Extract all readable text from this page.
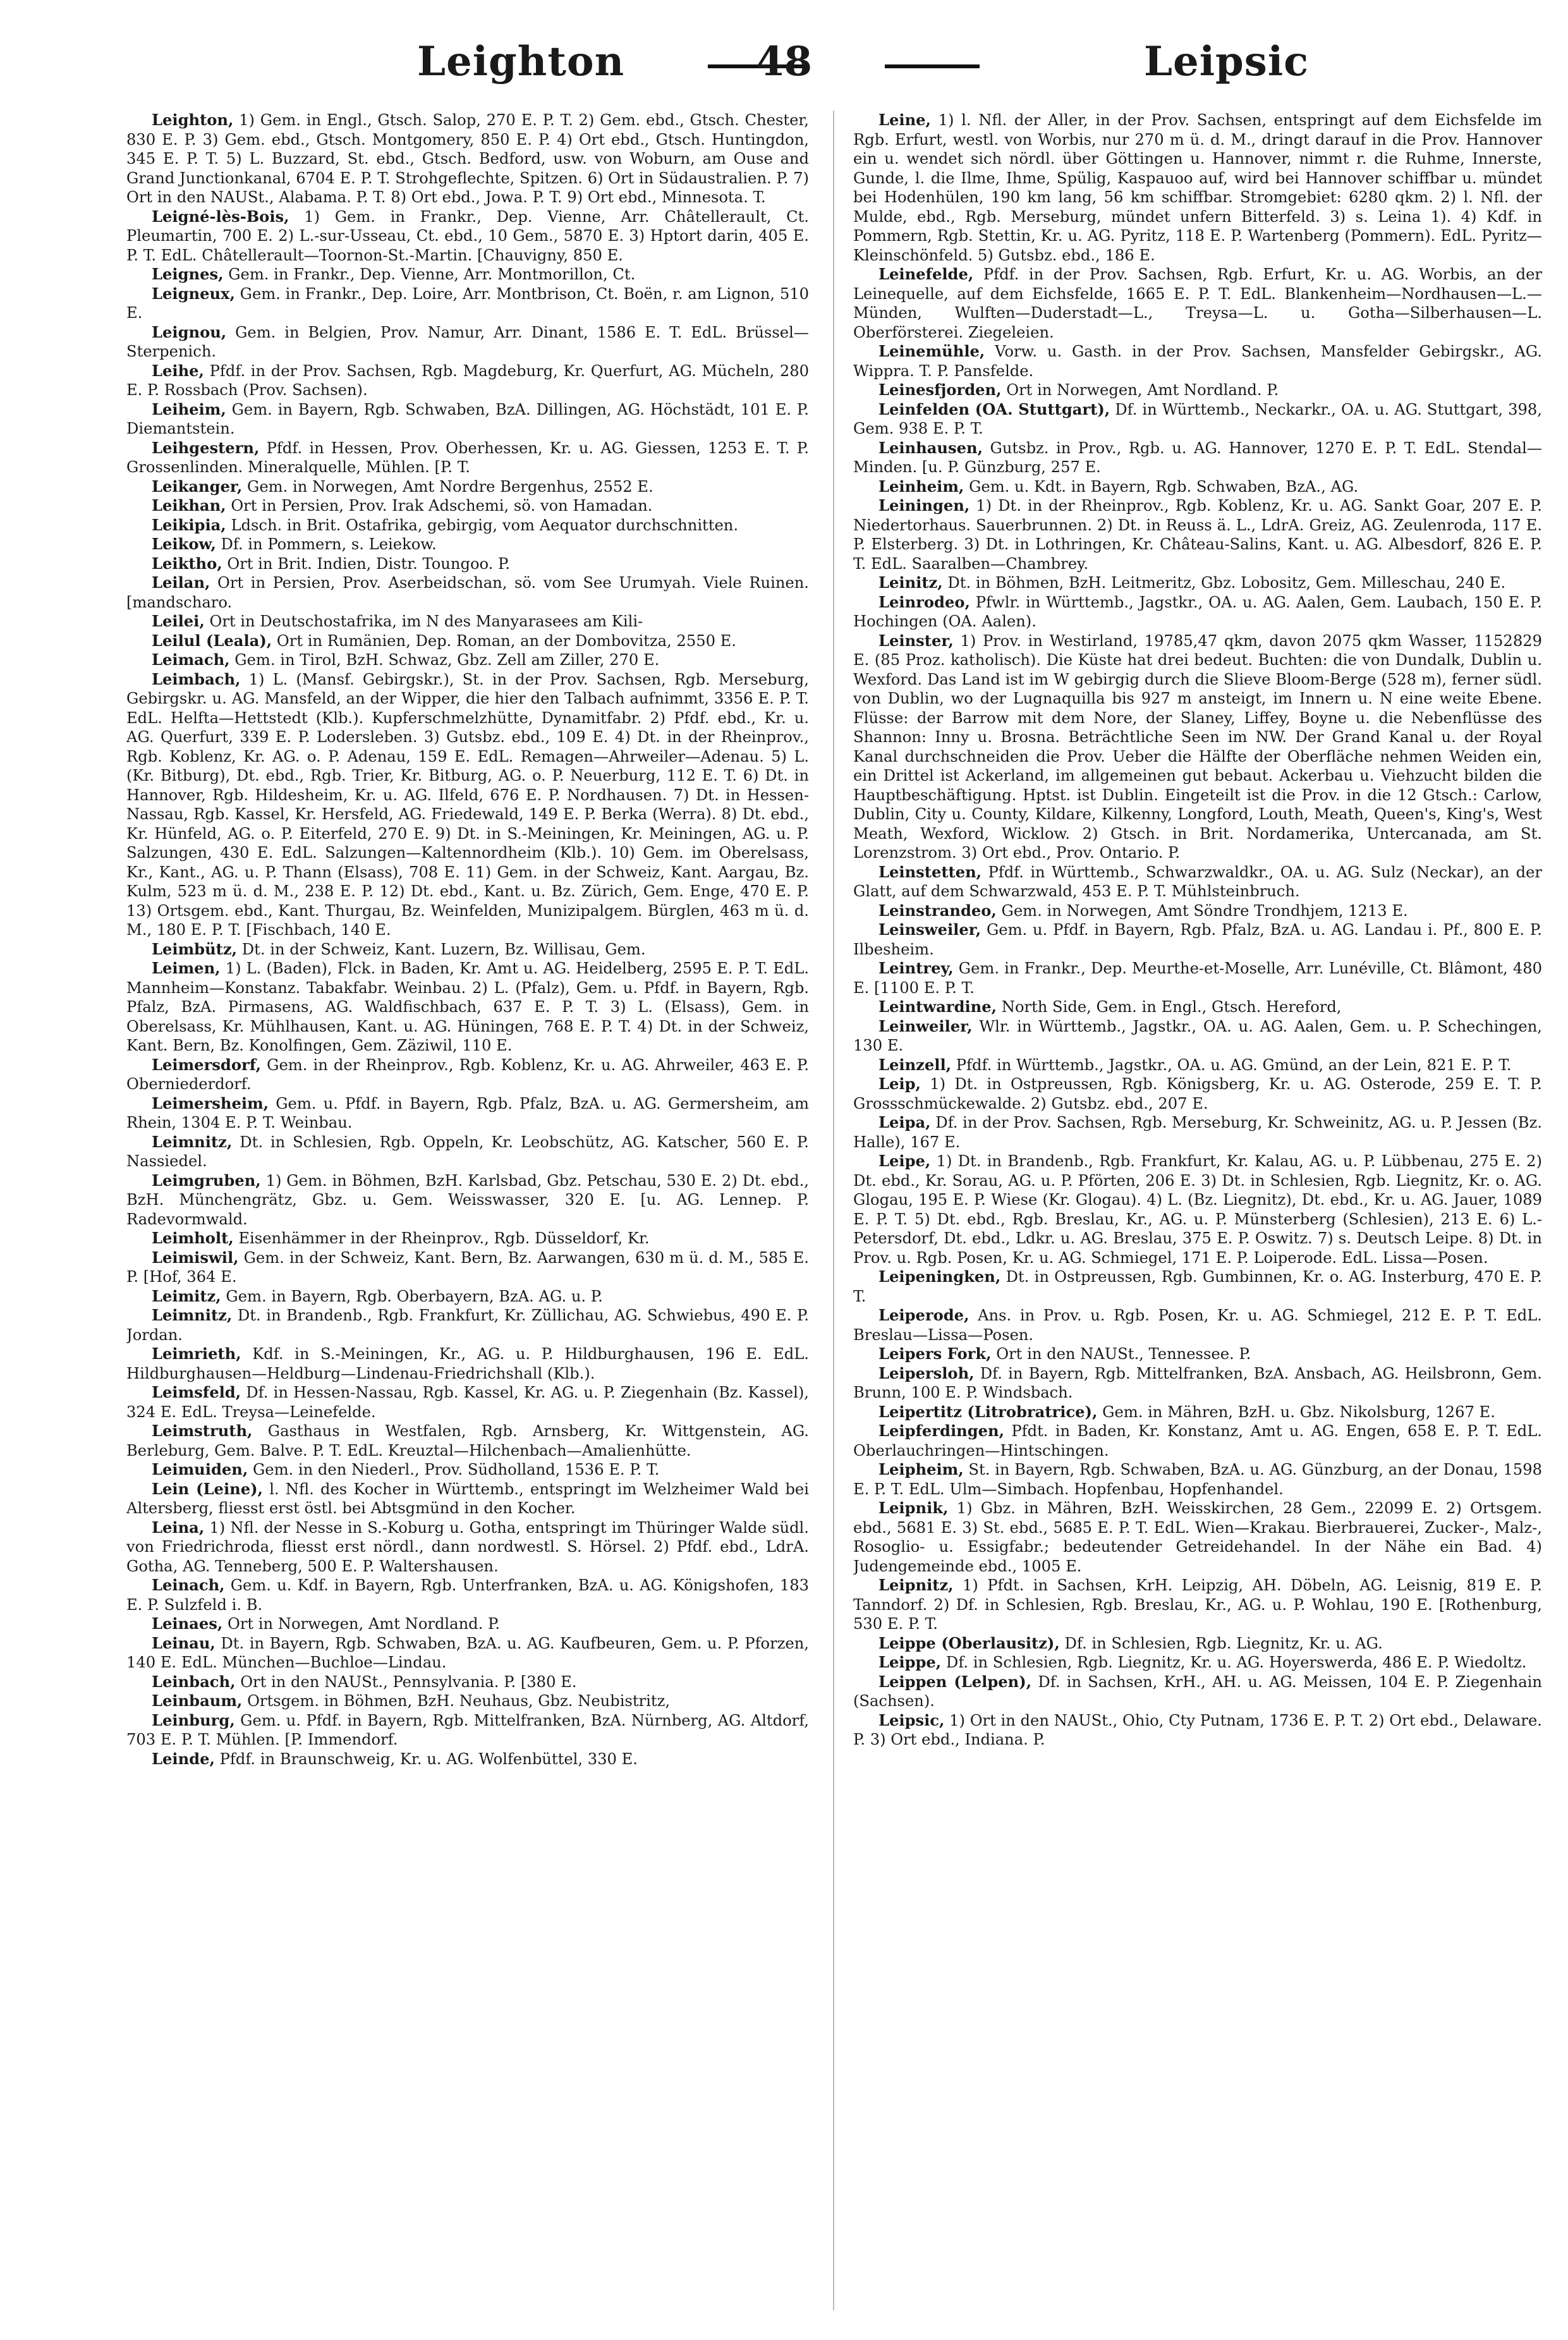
Leighton	48	Leipsic

Leighton, 1) Gem. in Engl., Gtsch. Salop, 270 E. P. T. 2) Gem. ebd., Gtsch. Chester, 830 E. P. 3) Gem. ebd., Gtsch. Montgomery, 850 E. P. 4) Ort ebd., Gtsch. Huntingdon, 345 E. P. T. 5) L. Buzzard, St. ebd., Gtsch. Bedford, usw. von Woburn, am Ouse and Grand Junctionkanal, 6704 E. P. T. Strohgeflechte, Spitzen. 6) Ort in Südaustralien. P. 7) Ort in den NAUSt., Alabama. P. T. 8) Ort ebd., Jowa. P. T. 9) Ort ebd., Minnesota. T.

Leigné-lès-Bois, 1) Gem. in Frankr., Dep. Vienne, Arr. Châtellerault, Ct. Pleumartin, 700 E. 2) L.-sur-Usseau, Ct. ebd., 10 Gem., 5870 E. 3) Hptort darin, 405 E. P. T. EdL. Châtellerault—Toornon-St.-Martin. [Chauvigny, 850 E.

Leignes, Gem. in Frankr., Dep. Vienne, Arr. Montmorillon, Ct.

Leigneux, Gem. in Frankr., Dep. Loire, Arr. Montbrison, Ct. Boën, r. am Lignon, 510 E.

Leignou, Gem. in Belgien, Prov. Namur, Arr. Dinant, 1586 E. T. EdL. Brüssel—Sterpenich.

Leihe, Pfdf. in der Prov. Sachsen, Rgb. Magdeburg, Kr. Querfurt, AG. Mücheln, 280 E. P. Rossbach (Prov. Sachsen).

Leiheim, Gem. in Bayern, Rgb. Schwaben, BzA. Dillingen, AG. Höchstädt, 101 E. P. Diemantstein.

Leihgestern, Pfdf. in Hessen, Prov. Oberhessen, Kr. u. AG. Giessen, 1253 E. T. P. Grossenlinden. Mineralquelle, Mühlen. [P. T.

Leikanger, Gem. in Norwegen, Amt Nordre Bergenhus, 2552 E.

Leikhan, Ort in Persien, Prov. Irak Adschemi, sö. von Hamadan.

Leikipia, Ldsch. in Brit. Ostafrika, gebirgig, vom Aequator durchschnitten.

Leikow, Df. in Pommern, s. Leiekow.

Leiktho, Ort in Brit. Indien, Distr. Toungoo. P.

Leilan, Ort in Persien, Prov. Aserbeidschan, sö. vom See Urumyah. Viele Ruinen. [mandscharo.

Leilei, Ort in Deutschostafrika, im N des Manyarasees am Kili-

Leilul (Leala), Ort in Rumänien, Dep. Roman, an der Dombovitza, 2550 E.

Leimach, Gem. in Tirol, BzH. Schwaz, Gbz. Zell am Ziller, 270 E.

Leimbach, 1) L. (Mansf. Gebirgskr.), St. in der Prov. Sachsen, Rgb. Merseburg, Gebirgskr. u. AG. Mansfeld, an der Wipper, die hier den Talbach aufnimmt, 3356 E. P. T. EdL. Helfta—Hettstedt (Klb.). Kupferschmelzhütte, Dynamitfabr. 2) Pfdf. ebd., Kr. u. AG. Querfurt, 339 E. P. Lodersleben. 3) Gutsbz. ebd., 109 E. 4) Dt. in der Rheinprov., Rgb. Koblenz, Kr. AG. o. P. Adenau, 159 E. EdL. Remagen—Ahrweiler—Adenau. 5) L. (Kr. Bitburg), Dt. ebd., Rgb. Trier, Kr. Bitburg, AG. o. P. Neuerburg, 112 E. T. 6) Dt. in Hannover, Rgb. Hildesheim, Kr. u. AG. Ilfeld, 676 E. P. Nordhausen. 7) Dt. in Hessen-Nassau, Rgb. Kassel, Kr. Hersfeld, AG. Friedewald, 149 E. P. Berka (Werra). 8) Dt. ebd., Kr. Hünfeld, AG. o. P. Eiterfeld, 270 E. 9) Dt. in S.-Meiningen, Kr. Meiningen, AG. u. P. Salzungen, 430 E. EdL. Salzungen—Kaltennordheim (Klb.). 10) Gem. im Oberelsass, Kr., Kant., AG. u. P. Thann (Elsass), 708 E. 11) Gem. in der Schweiz, Kant. Aargau, Bz. Kulm, 523 m ü. d. M., 238 E. P. 12) Dt. ebd., Kant. u. Bz. Zürich, Gem. Enge, 470 E. P. 13) Ortsgem. ebd., Kant. Thurgau, Bz. Weinfelden, Munizipalgem. Bürglen, 463 m ü. d. M., 180 E. P. T. [Fischbach, 140 E.

Leimbütz, Dt. in der Schweiz, Kant. Luzern, Bz. Willisau, Gem.

Leimen, 1) L. (Baden), Flck. in Baden, Kr. Amt u. AG. Heidelberg, 2595 E. P. T. EdL. Mannheim—Konstanz. Tabakfabr. Weinbau. 2) L. (Pfalz), Gem. u. Pfdf. in Bayern, Rgb. Pfalz, BzA. Pirmasens, AG. Waldfischbach, 637 E. P. T. 3) L. (Elsass), Gem. in Oberelsass, Kr. Mühlhausen, Kant. u. AG. Hüningen, 768 E. P. T. 4) Dt. in der Schweiz, Kant. Bern, Bz. Konolfingen, Gem. Zäziwil, 110 E.

Leimersdorf, Gem. in der Rheinprov., Rgb. Koblenz, Kr. u. AG. Ahrweiler, 463 E. P. Oberniederdorf.

Leimersheim, Gem. u. Pfdf. in Bayern, Rgb. Pfalz, BzA. u. AG. Germersheim, am Rhein, 1304 E. P. T. Weinbau.

Leimnitz, Dt. in Schlesien, Rgb. Oppeln, Kr. Leobschütz, AG. Katscher, 560 E. P. Nassiedel.

Leimgruben, 1) Gem. in Böhmen, BzH. Karlsbad, Gbz. Petschau, 530 E. 2) Dt. ebd., BzH. Münchengrätz, Gbz. u. Gem. Weisswasser, 320 E. [u. AG. Lennep. P. Radevormwald.

Leimholt, Eisenhämmer in der Rheinprov., Rgb. Düsseldorf, Kr.

Leimiswil, Gem. in der Schweiz, Kant. Bern, Bz. Aarwangen, 630 m ü. d. M., 585 E. P. [Hof, 364 E.

Leimitz, Gem. in Bayern, Rgb. Oberbayern, BzA. AG. u. P.

Leimnitz, Dt. in Brandenb., Rgb. Frankfurt, Kr. Züllichau, AG. Schwiebus, 490 E. P. Jordan.

Leimrieth, Kdf. in S.-Meiningen, Kr., AG. u. P. Hildburghausen, 196 E. EdL. Hildburghausen—Heldburg—Lindenau-Friedrichshall (Klb.).

Leimsfeld, Df. in Hessen-Nassau, Rgb. Kassel, Kr. AG. u. P. Ziegenhain (Bz. Kassel), 324 E. EdL. Treysa—Leinefelde.

Leimstruth, Gasthaus in Westfalen, Rgb. Arnsberg, Kr. Wittgenstein, AG. Berleburg, Gem. Balve. P. T. EdL. Kreuztal—Hilchenbach—Amalienhütte.

Leimuiden, Gem. in den Niederl., Prov. Südholland, 1536 E. P. T.

Lein (Leine), l. Nfl. des Kocher in Württemb., entspringt im Welzheimer Wald bei Altersberg, fliesst erst östl. bei Abtsgmünd in den Kocher.

Leina, 1) Nfl. der Nesse in S.-Koburg u. Gotha, entspringt im Thüringer Walde südl. von Friedrichroda, fliesst erst nördl., dann nordwestl. S. Hörsel. 2) Pfdf. ebd., LdrA. Gotha, AG. Tenneberg, 500 E. P. Waltershausen.

Leinach, Gem. u. Kdf. in Bayern, Rgb. Unterfranken, BzA. u. AG. Königshofen, 183 E. P. Sulzfeld i. B.

Leinaes, Ort in Norwegen, Amt Nordland. P.

Leinau, Dt. in Bayern, Rgb. Schwaben, BzA. u. AG. Kaufbeuren, Gem. u. P. Pforzen, 140 E. EdL. München—Buchloe—Lindau.

Leinbach, Ort in den NAUSt., Pennsylvania. P. [380 E.

Leinbaum, Ortsgem. in Böhmen, BzH. Neuhaus, Gbz. Neubistritz,

Leinburg, Gem. u. Pfdf. in Bayern, Rgb. Mittelfranken, BzA. Nürnberg, AG. Altdorf, 703 E. P. T. Mühlen. [P. Immendorf.

Leinde, Pfdf. in Braunschweig, Kr. u. AG. Wolfenbüttel, 330 E.

Leine, 1) l. Nfl. der Aller, in der Prov. Sachsen, entspringt auf dem Eichsfelde im Rgb. Erfurt, westl. von Worbis, nur 270 m ü. d. M., dringt darauf in die Prov. Hannover ein u. wendet sich nördl. über Göttingen u. Hannover, nimmt r. die Ruhme, Innerste, Gunde, l. die Ilme, Ihme, Spülig, Kaspauoo auf, wird bei Hannover schiffbar u. mündet bei Hodenhülen, 190 km lang, 56 km schiffbar. Stromgebiet: 6280 qkm. 2) l. Nfl. der Mulde, ebd., Rgb. Merseburg, mündet unfern Bitterfeld. 3) s. Leina 1). 4) Kdf. in Pommern, Rgb. Stettin, Kr. u. AG. Pyritz, 118 E. P. Wartenberg (Pommern). EdL. Pyritz—Kleinschönfeld. 5) Gutsbz. ebd., 186 E.

Leinefelde, Pfdf. in der Prov. Sachsen, Rgb. Erfurt, Kr. u. AG. Worbis, an der Leinequelle, auf dem Eichsfelde, 1665 E. P. T. EdL. Blankenheim—Nordhausen—L.—Münden, Wulften—Duderstadt—L., Treysa—L. u. Gotha—Silberhausen—L. Oberförsterei. Ziegeleien.

Leinemühle, Vorw. u. Gasth. in der Prov. Sachsen, Mansfelder Gebirgskr., AG. Wippra. T. P. Pansfelde.

Leinesfjorden, Ort in Norwegen, Amt Nordland. P.

Leinfelden (OA. Stuttgart), Df. in Württemb., Neckarkr., OA. u. AG. Stuttgart, 398, Gem. 938 E. P. T.

Leinhausen, Gutsbz. in Prov., Rgb. u. AG. Hannover, 1270 E. P. T. EdL. Stendal—Minden. [u. P. Günzburg, 257 E.

Leinheim, Gem. u. Kdt. in Bayern, Rgb. Schwaben, BzA., AG.

Leiningen, 1) Dt. in der Rheinprov., Rgb. Koblenz, Kr. u. AG. Sankt Goar, 207 E. P. Niedertorhaus. Sauerbrunnen. 2) Dt. in Reuss ä. L., LdrA. Greiz, AG. Zeulenroda, 117 E. P. Elsterberg. 3) Dt. in Lothringen, Kr. Château-Salins, Kant. u. AG. Albesdorf, 826 E. P. T. EdL. Saaralben—Chambrey.

Leinitz, Dt. in Böhmen, BzH. Leitmeritz, Gbz. Lobositz, Gem. Milleschau, 240 E.

Leinrodeo, Pfwlr. in Württemb., Jagstkr., OA. u. AG. Aalen, Gem. Laubach, 150 E. P. Hochingen (OA. Aalen).

Leinster, 1) Prov. in Westirland, 19785,47 qkm, davon 2075 qkm Wasser, 1152829 E. (85 Proz. katholisch). Die Küste hat drei bedeut. Buchten: die von Dundalk, Dublin u. Wexford. Das Land ist im W gebirgig durch die Slieve Bloom-Berge (528 m), ferner südl. von Dublin, wo der Lugnaquilla bis 927 m ansteigt, im Innern u. N eine weite Ebene. Flüsse: der Barrow mit dem Nore, der Slaney, Liffey, Boyne u. die Nebenflüsse des Shannon: Inny u. Brosna. Beträchtliche Seen im NW. Der Grand Kanal u. der Royal Kanal durchschneiden die Prov. Ueber die Hälfte der Oberfläche nehmen Weiden ein, ein Drittel ist Ackerland, im allgemeinen gut bebaut. Ackerbau u. Viehzucht bilden die Hauptbeschäftigung. Hptst. ist Dublin. Eingeteilt ist die Prov. in die 12 Gtsch.: Carlow, Dublin, City u. County, Kildare, Kilkenny, Longford, Louth, Meath, Queen's, King's, West Meath, Wexford, Wicklow. 2) Gtsch. in Brit. Nordamerika, Untercanada, am St. Lorenzstrom. 3) Ort ebd., Prov. Ontario. P.

Leinstetten, Pfdf. in Württemb., Schwarzwaldkr., OA. u. AG. Sulz (Neckar), an der Glatt, auf dem Schwarzwald, 453 E. P. T. Mühlsteinbruch.

Leinstrandeo, Gem. in Norwegen, Amt Söndre Trondhjem, 1213 E.

Leinsweiler, Gem. u. Pfdf. in Bayern, Rgb. Pfalz, BzA. u. AG. Landau i. Pf., 800 E. P. Ilbesheim.

Leintrey, Gem. in Frankr., Dep. Meurthe-et-Moselle, Arr. Lunéville, Ct. Blâmont, 480 E. [1100 E. P. T.

Leintwardine, North Side, Gem. in Engl., Gtsch. Hereford,

Leinweiler, Wlr. in Württemb., Jagstkr., OA. u. AG. Aalen, Gem. u. P. Schechingen, 130 E.

Leinzell, Pfdf. in Württemb., Jagstkr., OA. u. AG. Gmünd, an der Lein, 821 E. P. T.

Leip, 1) Dt. in Ostpreussen, Rgb. Königsberg, Kr. u. AG. Osterode, 259 E. T. P. Grossschmückewalde. 2) Gutsbz. ebd., 207 E.

Leipa, Df. in der Prov. Sachsen, Rgb. Merseburg, Kr. Schweinitz, AG. u. P. Jessen (Bz. Halle), 167 E.

Leipe, 1) Dt. in Brandenb., Rgb. Frankfurt, Kr. Kalau, AG. u. P. Lübbenau, 275 E. 2) Dt. ebd., Kr. Sorau, AG. u. P. Pförten, 206 E. 3) Dt. in Schlesien, Rgb. Liegnitz, Kr. o. AG. Glogau, 195 E. P. Wiese (Kr. Glogau). 4) L. (Bz. Liegnitz), Dt. ebd., Kr. u. AG. Jauer, 1089 E. P. T. 5) Dt. ebd., Rgb. Breslau, Kr., AG. u. P. Münsterberg (Schlesien), 213 E. 6) L.-Petersdorf, Dt. ebd., Ldkr. u. AG. Breslau, 375 E. P. Oswitz. 7) s. Deutsch Leipe. 8) Dt. in Prov. u. Rgb. Posen, Kr. u. AG. Schmiegel, 171 E. P. Loiperode. EdL. Lissa—Posen.

Leipeningken, Dt. in Ostpreussen, Rgb. Gumbinnen, Kr. o. AG. Insterburg, 470 E. P. T.

Leiperode, Ans. in Prov. u. Rgb. Posen, Kr. u. AG. Schmiegel, 212 E. P. T. EdL. Breslau—Lissa—Posen.

Leipers Fork, Ort in den NAUSt., Tennessee. P.

Leipersloh, Df. in Bayern, Rgb. Mittelfranken, BzA. Ansbach, AG. Heilsbronn, Gem. Brunn, 100 E. P. Windsbach.

Leipertitz (Litrobratrice), Gem. in Mähren, BzH. u. Gbz. Nikolsburg, 1267 E.

Leipferdingen, Pfdt. in Baden, Kr. Konstanz, Amt u. AG. Engen, 658 E. P. T. EdL. Oberlauchringen—Hintschingen.

Leipheim, St. in Bayern, Rgb. Schwaben, BzA. u. AG. Günzburg, an der Donau, 1598 E. P. T. EdL. Ulm—Simbach. Hopfenbau, Hopfenhandel.

Leipnik, 1) Gbz. in Mähren, BzH. Weisskirchen, 28 Gem., 22099 E. 2) Ortsgem. ebd., 5681 E. 3) St. ebd., 5685 E. P. T. EdL. Wien—Krakau. Bierbrauerei, Zucker-, Malz-, Rosoglio- u. Essigfabr.; bedeutender Getreidehandel. In der Nähe ein Bad. 4) Judengemeinde ebd., 1005 E.

Leipnitz, 1) Pfdt. in Sachsen, KrH. Leipzig, AH. Döbeln, AG. Leisnig, 819 E. P. Tanndorf. 2) Df. in Schlesien, Rgb. Breslau, Kr., AG. u. P. Wohlau, 190 E. [Rothenburg, 530 E. P. T.

Leippe (Oberlausitz), Df. in Schlesien, Rgb. Liegnitz, Kr. u. AG.

Leippe, Df. in Schlesien, Rgb. Liegnitz, Kr. u. AG. Hoyerswerda, 486 E. P. Wiedoltz.

Leippen (Lelpen), Df. in Sachsen, KrH., AH. u. AG. Meissen, 104 E. P. Ziegenhain (Sachsen).

Leipsic, 1) Ort in den NAUSt., Ohio, Cty Putnam, 1736 E. P. T. 2) Ort ebd., Delaware. P. 3) Ort ebd., Indiana. P.
